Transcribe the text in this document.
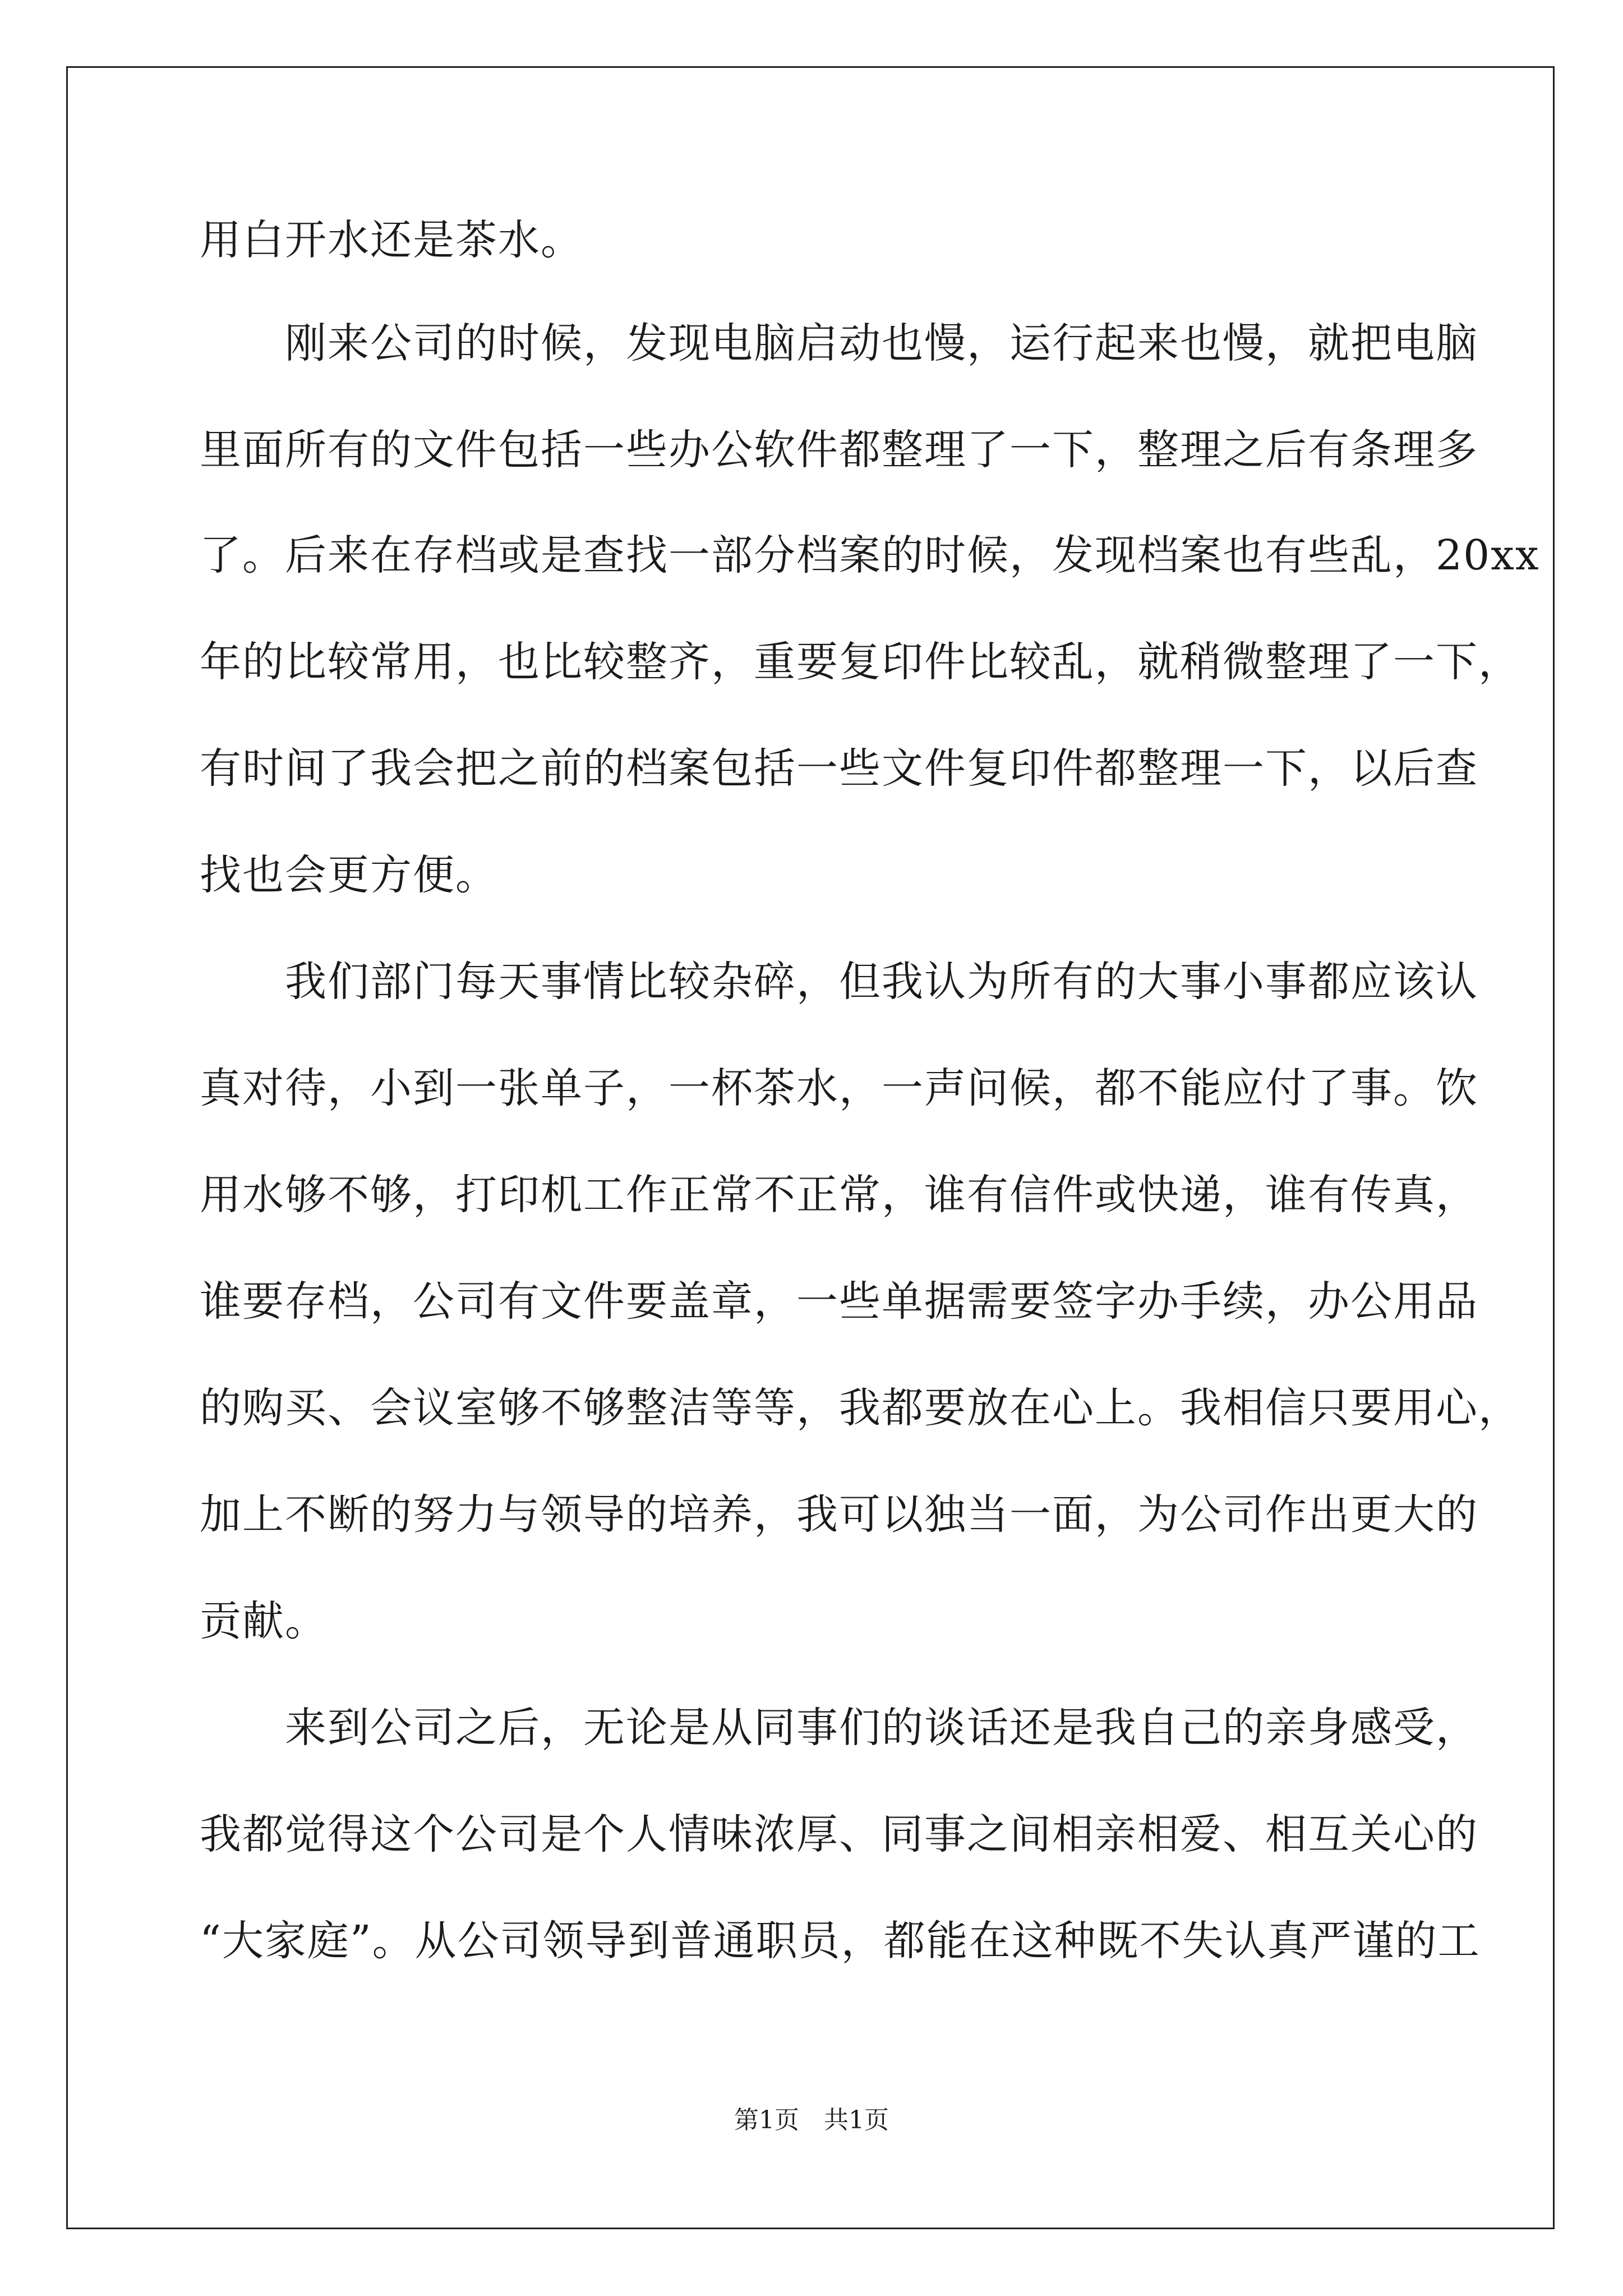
用白开水还是茶水。
　　刚来公司的时候，发现电脑启动也慢，运行起来也慢，就把电脑
里面所有的文件包括一些办公软件都整理了一下，整理之后有条理多
了。后来在存档或是查找一部分档案的时候，发现档案也有些乱，20xx
年的比较常用，也比较整齐，重要复印件比较乱，就稍微整理了一下，
有时间了我会把之前的档案包括一些文件复印件都整理一下，以后查
找也会更方便。
　　我们部门每天事情比较杂碎，但我认为所有的大事小事都应该认
真对待，小到一张单子，一杯茶水，一声问候，都不能应付了事。饮
用水够不够，打印机工作正常不正常，谁有信件或快递，谁有传真，
谁要存档，公司有文件要盖章，一些单据需要签字办手续，办公用品
的购买、会议室够不够整洁等等，我都要放在心上。我相信只要用心，
加上不断的努力与领导的培养，我可以独当一面，为公司作出更大的
贡献。
　　来到公司之后，无论是从同事们的谈话还是我自己的亲身感受，
我都觉得这个公司是个人情味浓厚、同事之间相亲相爱、相互关心的
“大家庭”。从公司领导到普通职员，都能在这种既不失认真严谨的工
第1页　共1页
